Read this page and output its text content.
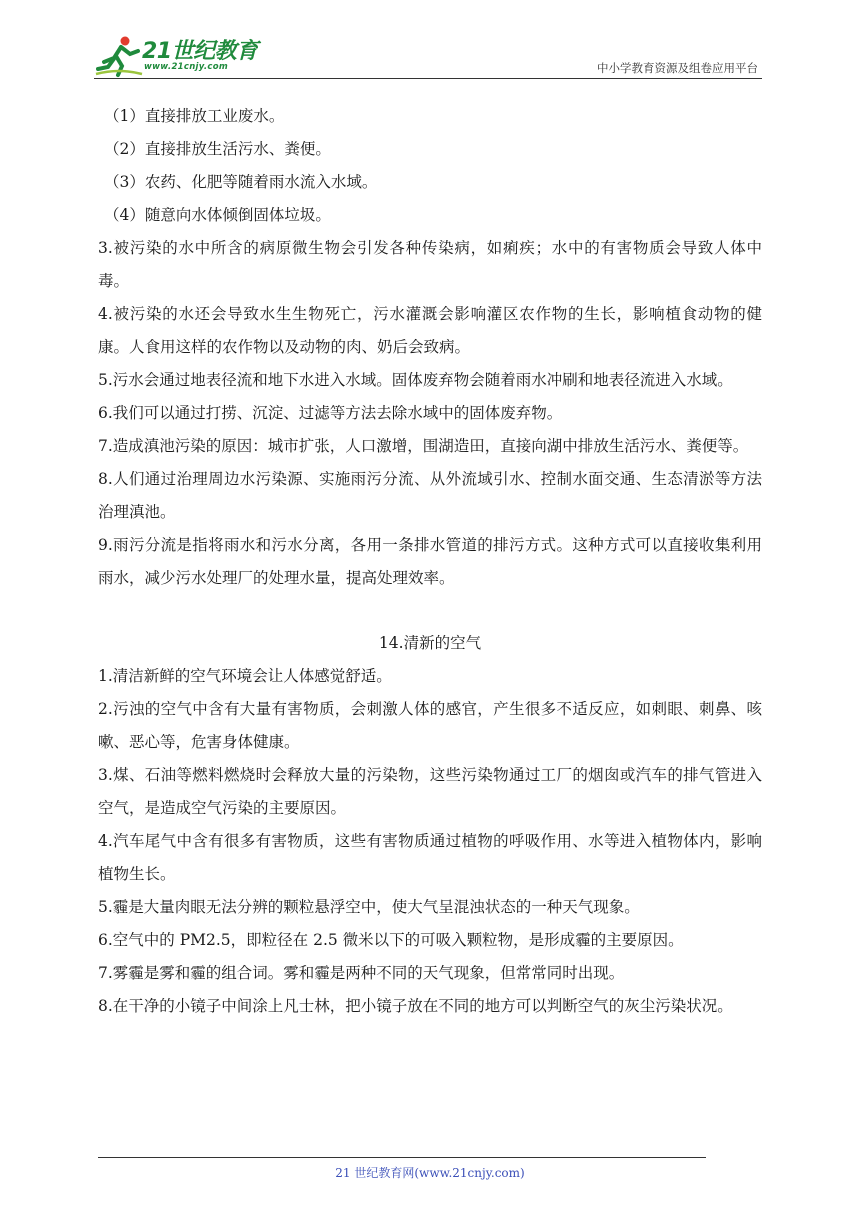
21世纪教育
www.21cnjy.com	中小学教育资源及组卷应用平台

（1）直接排放工业废水。

（2）直接排放生活污水、粪便。

（3）农药、化肥等随着雨水流入水域。

（4）随意向水体倾倒固体垃圾。

3.被污染的水中所含的病原微生物会引发各种传染病，如痢疾；水中的有害物质会导致人体中毒。

4.被污染的水还会导致水生生物死亡，污水灌溉会影响灌区农作物的生长，影响植食动物的健康。人食用这样的农作物以及动物的肉、奶后会致病。

5.污水会通过地表径流和地下水进入水域。固体废弃物会随着雨水冲刷和地表径流进入水域。

6.我们可以通过打捞、沉淀、过滤等方法去除水域中的固体废弃物。

7.造成滇池污染的原因：城市扩张，人口激增，围湖造田，直接向湖中排放生活污水、粪便等。

8.人们通过治理周边水污染源、实施雨污分流、从外流域引水、控制水面交通、生态清淤等方法治理滇池。

9.雨污分流是指将雨水和污水分离，各用一条排水管道的排污方式。这种方式可以直接收集利用雨水，减少污水处理厂的处理水量，提高处理效率。

14.清新的空气

1.清洁新鲜的空气环境会让人体感觉舒适。

2.污浊的空气中含有大量有害物质，会刺激人体的感官，产生很多不适反应，如刺眼、刺鼻、咳嗽、恶心等，危害身体健康。

3.煤、石油等燃料燃烧时会释放大量的污染物，这些污染物通过工厂的烟囱或汽车的排气管进入空气，是造成空气污染的主要原因。

4.汽车尾气中含有很多有害物质，这些有害物质通过植物的呼吸作用、水等进入植物体内，影响植物生长。

5.霾是大量肉眼无法分辨的颗粒悬浮空中，使大气呈混浊状态的一种天气现象。

6.空气中的 PM2.5，即粒径在 2.5 微米以下的可吸入颗粒物，是形成霾的主要原因。

7.雾霾是雾和霾的组合词。雾和霾是两种不同的天气现象，但常常同时出现。

8.在干净的小镜子中间涂上凡士林，把小镜子放在不同的地方可以判断空气的灰尘污染状况。

21 世纪教育网(www.21cnjy.com)
